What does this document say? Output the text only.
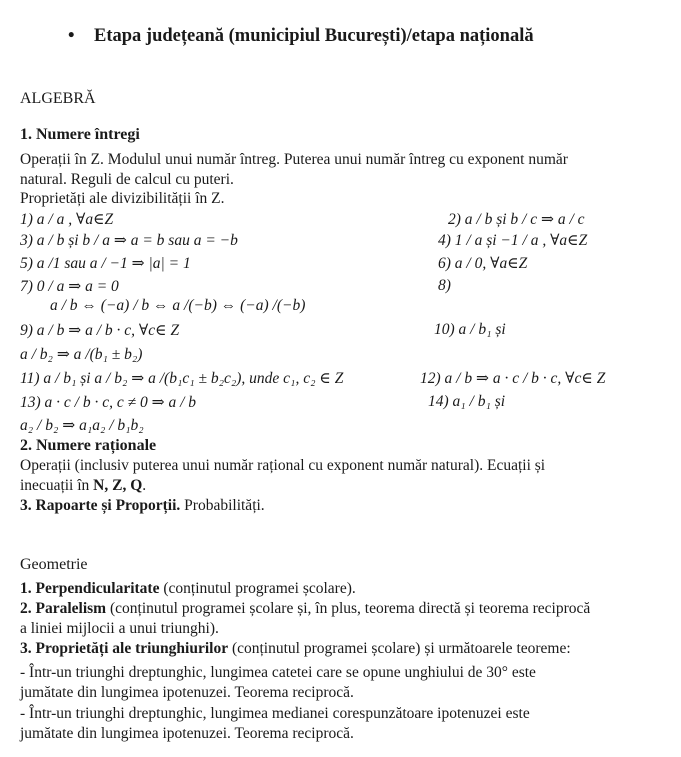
• Etapa județeană (municipiul București)/etapa națională
ALGEBRĂ
1. Numere întregi
Operații în Z. Modulul unui număr întreg. Puterea unui număr întreg cu exponent număr
natural. Reguli de calcul cu puteri.
Proprietăți ale divizibilității în Z.
1) a / a , ∀a∈Z	2) a / b și b / c ⇒ a / c
3) a / b și b / a ⇒ a = b sau a = −b	4) 1 / a și −1 / a , ∀a∈Z
5) a /1 sau a / −1 ⇒ |a| = 1	6) a / 0, ∀a∈Z
7) 0 / a ⇒ a = 0	8)
a / b ⇔ (−a) / b ⇔ a /(−b) ⇔ (−a) /(−b)
9) a / b ⇒ a / b · c, ∀c∈ Z	10) a / b₁ și
a / b₂ ⇒ a /(b₁ ± b₂)
11) a / b₁ și a / b₂ ⇒ a /(b₁c₁ ± b₂c₂), unde c₁, c₂ ∈ Z	12) a / b ⇒ a · c / b · c, ∀c∈ Z
13) a · c / b · c, c ≠ 0 ⇒ a / b	14) a₁ / b₁ și
a₂ / b₂ ⇒ a₁a₂ / b₁b₂
2. Numere raționale
Operații (inclusiv puterea unui număr rațional cu exponent număr natural). Ecuații și
inecuații în N, Z, Q.
3. Rapoarte și Proporții. Probabilități.
Geometrie
1. Perpendicularitate (conținutul programei școlare).
2. Paralelism (conținutul programei școlare și, în plus, teorema directă și teorema reciprocă
a liniei mijlocii a unui triunghi).
3. Proprietăți ale triunghiurilor (conținutul programei școlare) și următoarele teoreme:
- Într-un triunghi dreptunghic, lungimea catetei care se opune unghiului de 30° este
jumătate din lungimea ipotenuzei. Teorema reciprocă.
- Într-un triunghi dreptunghic, lungimea medianei corespunzătoare ipotenuzei este
jumătate din lungimea ipotenuzei. Teorema reciprocă.
